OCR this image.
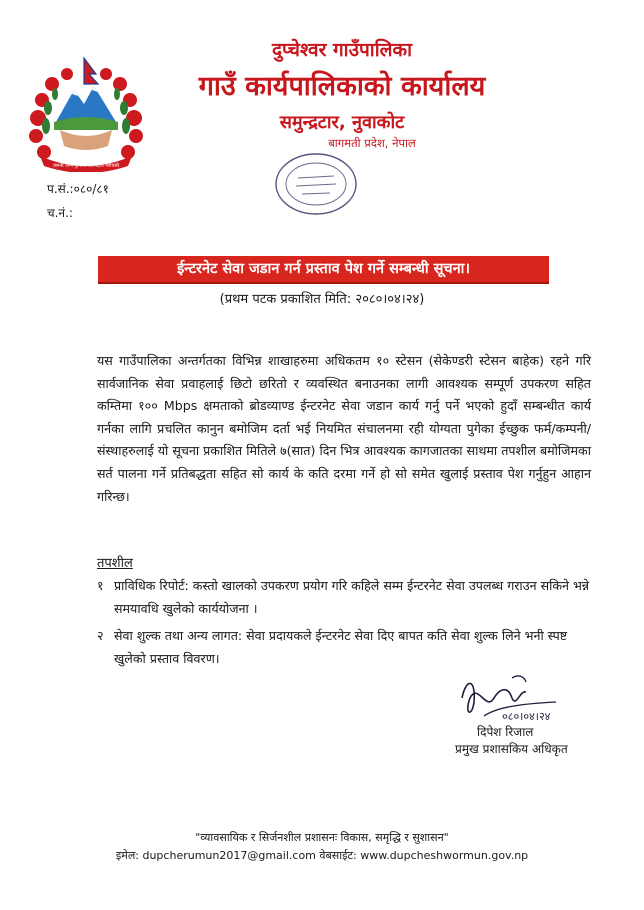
जननी जन्मभूमिश्च स्वर्गादपि गरीयसी
दुप्चेश्वर गाउँपालिका
गाउँ कार्यपालिकाको कार्यालय
समुन्द्रटार, नुवाकोट
बागमती प्रदेश, नेपाल
प.सं.:०८०/८१
च.नं.:
ईन्टरनेट सेवा जडान गर्न प्रस्ताव पेश गर्ने सम्बन्धी सूचना।
(प्रथम पटक प्रकाशित मिति: २०८०।०४।२४)
यस गाउँपालिका अन्तर्गतका विभिन्न शाखाहरुमा अधिकतम १० स्टेसन (सेकेण्डरी स्टेसन बाहेक) रहने गरि सार्वजानिक सेवा प्रवाहलाई छिटो छरितो र व्यवस्थित बनाउनका लागी आवश्यक सम्पूर्ण उपकरण सहित कम्तिमा १०० Mbps क्षमताको ब्रोडव्याण्ड ईन्टरनेट सेवा जडान कार्य गर्नु पर्ने भएको हुदाँ सम्बन्धीत कार्य गर्नका लागि प्रचलित कानुन बमोजिम दर्ता भई नियमित संचालनमा रही योग्यता पुगेका ईच्छुक फर्म/कम्पनी/संस्थाहरुलाई यो सूचना प्रकाशित मितिले ७(सात) दिन भित्र आवश्यक कागजातका साथमा तपशील बमोजिमका सर्त पालना गर्ने प्रतिबद्धता सहित सो कार्य के कति दरमा गर्ने हो सो समेत खुलाई प्रस्ताव पेश गर्नुहुन आहान गरिन्छ।
तपशील
१ प्राविधिक रिपोर्ट: कस्तो खालको उपकरण प्रयोग गरि कहिले सम्म ईन्टरनेट सेवा उपलब्ध गराउन सकिने भन्ने समयावधि खुलेको कार्ययोजना ।
२ सेवा शुल्क तथा अन्य लागत: सेवा प्रदायकले ईन्टरनेट सेवा दिए बापत कति सेवा शुल्क लिने भनी स्पष्ट खुलेको प्रस्ताव विवरण।
०८०।०४।२४
दिपेश रिजाल
प्रमुख प्रशासकिय अधिकृत
"व्यावसायिक र सिर्जनशील प्रशासनः विकास, समृद्धि र सुशासन"
इमेल: dupcherumun2017@gmail.com वेबसाईट: www.dupcheshwormun.gov.np
